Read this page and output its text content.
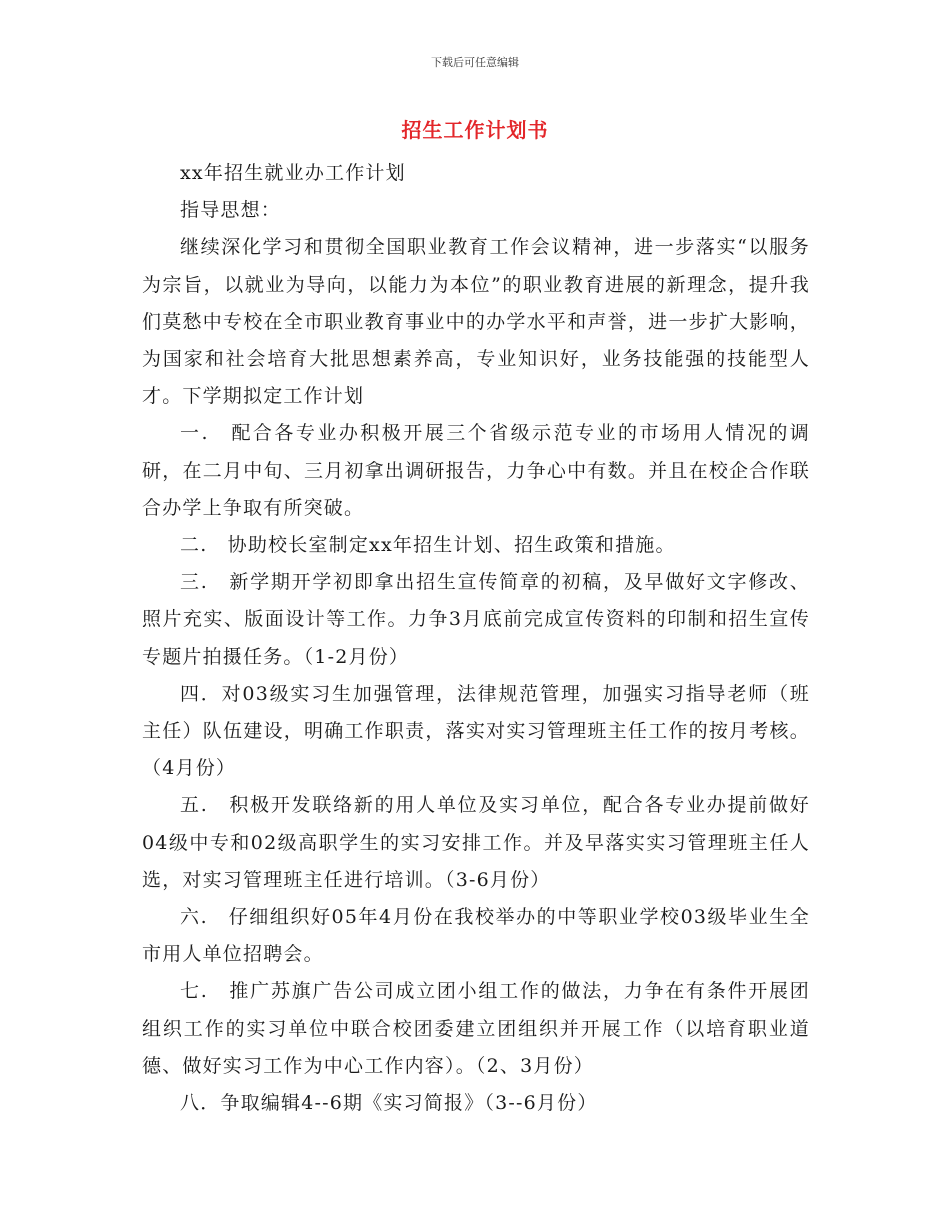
下载后可任意编辑
招生工作计划书

xx年招生就业办工作计划

指导思想：

继续深化学习和贯彻全国职业教育工作会议精神，进一步落实“以服务为宗旨，以就业为导向，以能力为本位”的职业教育进展的新理念，提升我们莫愁中专校在全市职业教育事业中的办学水平和声誉，进一步扩大影响，为国家和社会培育大批思想素养高，专业知识好，业务技能强的技能型人才。下学期拟定工作计划

一.　配合各专业办积极开展三个省级示范专业的市场用人情况的调研，在二月中旬、三月初拿出调研报告，力争心中有数。并且在校企合作联合办学上争取有所突破。

二.　协助校长室制定xx年招生计划、招生政策和措施。

三.　新学期开学初即拿出招生宣传简章的初稿，及早做好文字修改、照片充实、版面设计等工作。力争3月底前完成宣传资料的印制和招生宣传专题片拍摄任务。（1-2月份）

四．对03级实习生加强管理，法律规范管理，加强实习指导老师（班主任）队伍建设，明确工作职责，落实对实习管理班主任工作的按月考核。（4月份）

五.　积极开发联络新的用人单位及实习单位，配合各专业办提前做好04级中专和02级高职学生的实习安排工作。并及早落实实习管理班主任人选，对实习管理班主任进行培训。（3-6月份）

六.　仔细组织好05年4月份在我校举办的中等职业学校03级毕业生全市用人单位招聘会。

七.　推广苏旗广告公司成立团小组工作的做法，力争在有条件开展团组织工作的实习单位中联合校团委建立团组织并开展工作（以培育职业道德、做好实习工作为中心工作内容）。（2、3月份）

八．争取编辑4--6期《实习简报》（3--6月份）
